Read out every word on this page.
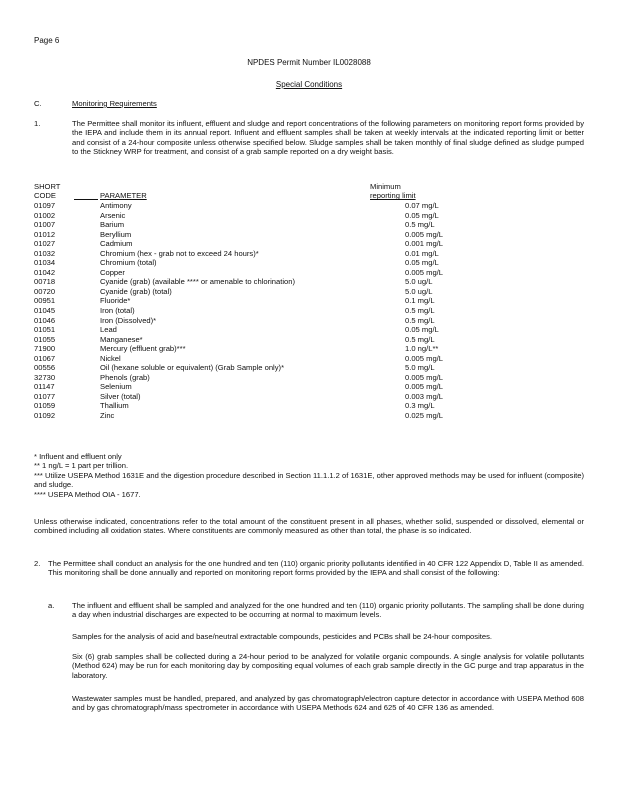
Page 6
NPDES Permit Number IL0028088
Special Conditions
C.	Monitoring Requirements
1.	The Permittee shall monitor its influent, effluent and sludge and report concentrations of the following parameters on monitoring report forms provided by the IEPA and include them in its annual report. Influent and effluent samples shall be taken at weekly intervals at the indicated reporting limit or better and consist of a 24-hour composite unless otherwise specified below. Sludge samples shall be taken monthly of final sludge defined as sludge pumped to the Stickney WRP for treatment, and consist of a grab sample reported on a dry weight basis.
SHORT
CODE	PARAMETER
Minimum
reporting limit
01097	Antimony	0.07 mg/L
01002	Arsenic	0.05 mg/L
01007	Barium	0.5 mg/L
01012	Beryllium	0.005 mg/L
01027	Cadmium	0.001 mg/L
01032	Chromium (hex - grab not to exceed 24 hours)*	0.01 mg/L
01034	Chromium (total)	0.05 mg/L
01042	Copper	0.005 mg/L
00718	Cyanide (grab) (available **** or amenable to chlorination)	5.0 ug/L
00720	Cyanide (grab) (total)	5.0 ug/L
00951	Fluoride*	0.1 mg/L
01045	Iron (total)	0.5 mg/L
01046	Iron (Dissolved)*	0.5 mg/L
01051	Lead	0.05 mg/L
01055	Manganese*	0.5 mg/L
71900	Mercury (effluent grab)***	1.0 ng/L**
01067	Nickel	0.005 mg/L
00556	Oil (hexane soluble or equivalent) (Grab Sample only)*	5.0 mg/L
32730	Phenols (grab)	0.005 mg/L
01147	Selenium	0.005 mg/L
01077	Silver (total)	0.003 mg/L
01059	Thallium	0.3 mg/L
01092	Zinc	0.025 mg/L
* Influent and effluent only
** 1 ng/L = 1 part per trillion.
*** Utilize USEPA Method 1631E and the digestion procedure described in Section 11.1.1.2 of 1631E, other approved methods may be used for influent (composite) and sludge.
**** USEPA Method OIA - 1677.
Unless otherwise indicated, concentrations refer to the total amount of the constituent present in all phases, whether solid, suspended or dissolved, elemental or combined including all oxidation states. Where constituents are commonly measured as other than total, the phase is so indicated.
2. The Permittee shall conduct an analysis for the one hundred and ten (110) organic priority pollutants identified in 40 CFR 122 Appendix D, Table II as amended. This monitoring shall be done annually and reported on monitoring report forms provided by the IEPA and shall consist of the following:
a. The influent and effluent shall be sampled and analyzed for the one hundred and ten (110) organic priority pollutants. The sampling shall be done during a day when industrial discharges are expected to be occurring at normal to maximum levels.
Samples for the analysis of acid and base/neutral extractable compounds, pesticides and PCBs shall be 24-hour composites.
Six (6) grab samples shall be collected during a 24-hour period to be analyzed for volatile organic compounds. A single analysis for volatile pollutants (Method 624) may be run for each monitoring day by compositing equal volumes of each grab sample directly in the GC purge and trap apparatus in the laboratory.
Wastewater samples must be handled, prepared, and analyzed by gas chromatograph/electron capture detector in accordance with USEPA Method 608 and by gas chromatograph/mass spectrometer in accordance with USEPA Methods 624 and 625 of 40 CFR 136 as amended.
